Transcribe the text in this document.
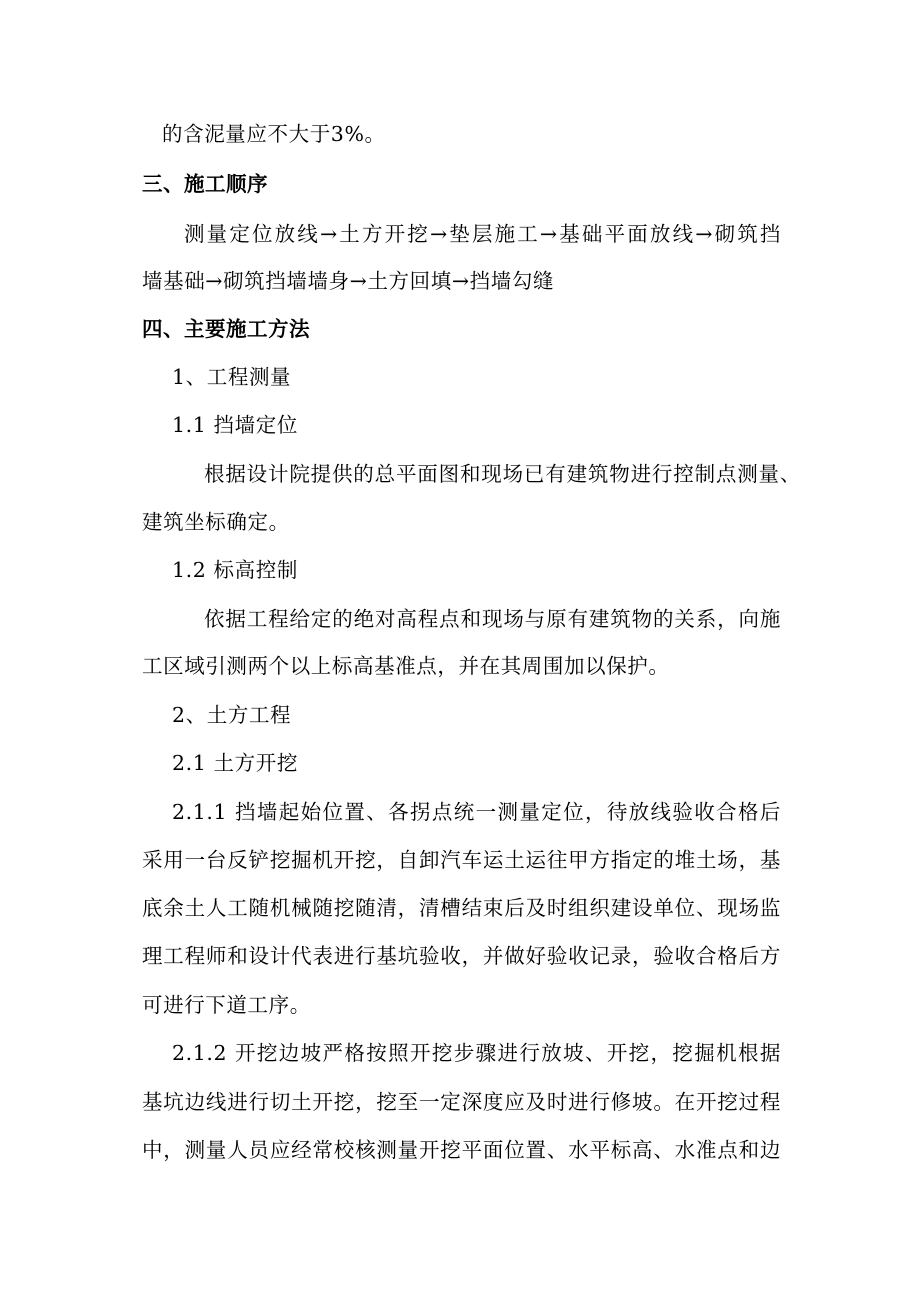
的含泥量应不大于3%。
三、施工顺序
测量定位放线→土方开挖→垫层施工→基础平面放线→砌筑挡
墙基础→砌筑挡墙墙身→土方回填→挡墙勾缝
四、主要施工方法
1、工程测量
1.1 挡墙定位
根据设计院提供的总平面图和现场已有建筑物进行控制点测量、
建筑坐标确定。
1.2 标高控制
依据工程给定的绝对高程点和现场与原有建筑物的关系，向施
工区域引测两个以上标高基准点，并在其周围加以保护。
2、土方工程
2.1 土方开挖
2.1.1 挡墙起始位置、各拐点统一测量定位，待放线验收合格后
采用一台反铲挖掘机开挖，自卸汽车运土运往甲方指定的堆土场，基
底余土人工随机械随挖随清，清槽结束后及时组织建设单位、现场监
理工程师和设计代表进行基坑验收，并做好验收记录，验收合格后方
可进行下道工序。
2.1.2 开挖边坡严格按照开挖步骤进行放坡、开挖，挖掘机根据
基坑边线进行切土开挖，挖至一定深度应及时进行修坡。在开挖过程
中，测量人员应经常校核测量开挖平面位置、水平标高、水准点和边
